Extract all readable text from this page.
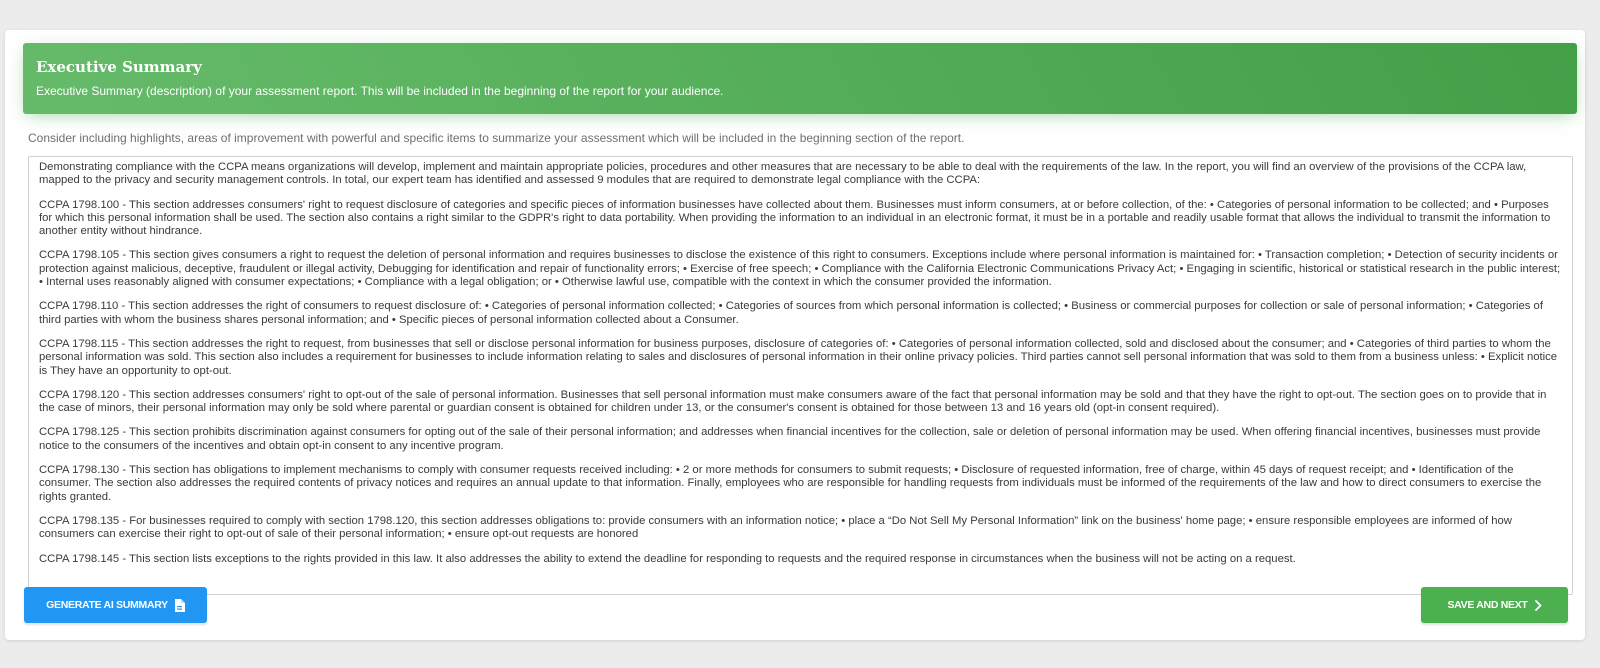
Executive Summary
Executive Summary (description) of your assessment report. This will be included in the beginning of the report for your audience.
Consider including highlights, areas of improvement with powerful and specific items to summarize your assessment which will be included in the beginning section of the report.

Demonstrating compliance with the CCPA means organizations will develop, implement and maintain appropriate policies, procedures and other measures that are necessary to be able to deal with the requirements of the law. In the report, you will find an overview of the provisions of the CCPA law, mapped to the privacy and security management controls. In total, our expert team has identified and assessed 9 modules that are required to demonstrate legal compliance with the CCPA:

CCPA 1798.100 - This section addresses consumers' right to request disclosure of categories and specific pieces of information businesses have collected about them. Businesses must inform consumers, at or before collection, of the: • Categories of personal information to be collected; and • Purposes for which this personal information shall be used. The section also contains a right similar to the GDPR's right to data portability. When providing the information to an individual in an electronic format, it must be in a portable and readily usable format that allows the individual to transmit the information to another entity without hindrance.

CCPA 1798.105 - This section gives consumers a right to request the deletion of personal information and requires businesses to disclose the existence of this right to consumers. Exceptions include where personal information is maintained for: • Transaction completion; • Detection of security incidents or protection against malicious, deceptive, fraudulent or illegal activity, Debugging for identification and repair of functionality errors; • Exercise of free speech; • Compliance with the California Electronic Communications Privacy Act; • Engaging in scientific, historical or statistical research in the public interest; • Internal uses reasonably aligned with consumer expectations; • Compliance with a legal obligation; or • Otherwise lawful use, compatible with the context in which the consumer provided the information.

CCPA 1798.110 - This section addresses the right of consumers to request disclosure of: • Categories of personal information collected; • Categories of sources from which personal information is collected; • Business or commercial purposes for collection or sale of personal information; • Categories of third parties with whom the business shares personal information; and • Specific pieces of personal information collected about a Consumer.

CCPA 1798.115 - This section addresses the right to request, from businesses that sell or disclose personal information for business purposes, disclosure of categories of: • Categories of personal information collected, sold and disclosed about the consumer; and • Categories of third parties to whom the personal information was sold. This section also includes a requirement for businesses to include information relating to sales and disclosures of personal information in their online privacy policies. Third parties cannot sell personal information that was sold to them from a business unless: • Explicit notice is They have an opportunity to opt-out.

CCPA 1798.120 - This section addresses consumers' right to opt-out of the sale of personal information. Businesses that sell personal information must make consumers aware of the fact that personal information may be sold and that they have the right to opt-out. The section goes on to provide that in the case of minors, their personal information may only be sold where parental or guardian consent is obtained for children under 13, or the consumer's consent is obtained for those between 13 and 16 years old (opt-in consent required).

CCPA 1798.125 - This section prohibits discrimination against consumers for opting out of the sale of their personal information; and addresses when financial incentives for the collection, sale or deletion of personal information may be used. When offering financial incentives, businesses must provide notice to the consumers of the incentives and obtain opt-in consent to any incentive program.

CCPA 1798.130 - This section has obligations to implement mechanisms to comply with consumer requests received including: • 2 or more methods for consumers to submit requests; • Disclosure of requested information, free of charge, within 45 days of request receipt; and • Identification of the consumer. The section also addresses the required contents of privacy notices and requires an annual update to that information. Finally, employees who are responsible for handling requests from individuals must be informed of the requirements of the law and how to direct consumers to exercise the rights granted.

CCPA 1798.135 - For businesses required to comply with section 1798.120, this section addresses obligations to: provide consumers with an information notice; • place a “Do Not Sell My Personal Information” link on the business' home page; • ensure responsible employees are informed of how consumers can exercise their right to opt-out of sale of their personal information; • ensure opt-out requests are honored

CCPA 1798.145 - This section lists exceptions to the rights provided in this law. It also addresses the ability to extend the deadline for responding to requests and the required response in circumstances when the business will not be acting on a request.

GENERATE AI SUMMARY	SAVE AND NEXT
